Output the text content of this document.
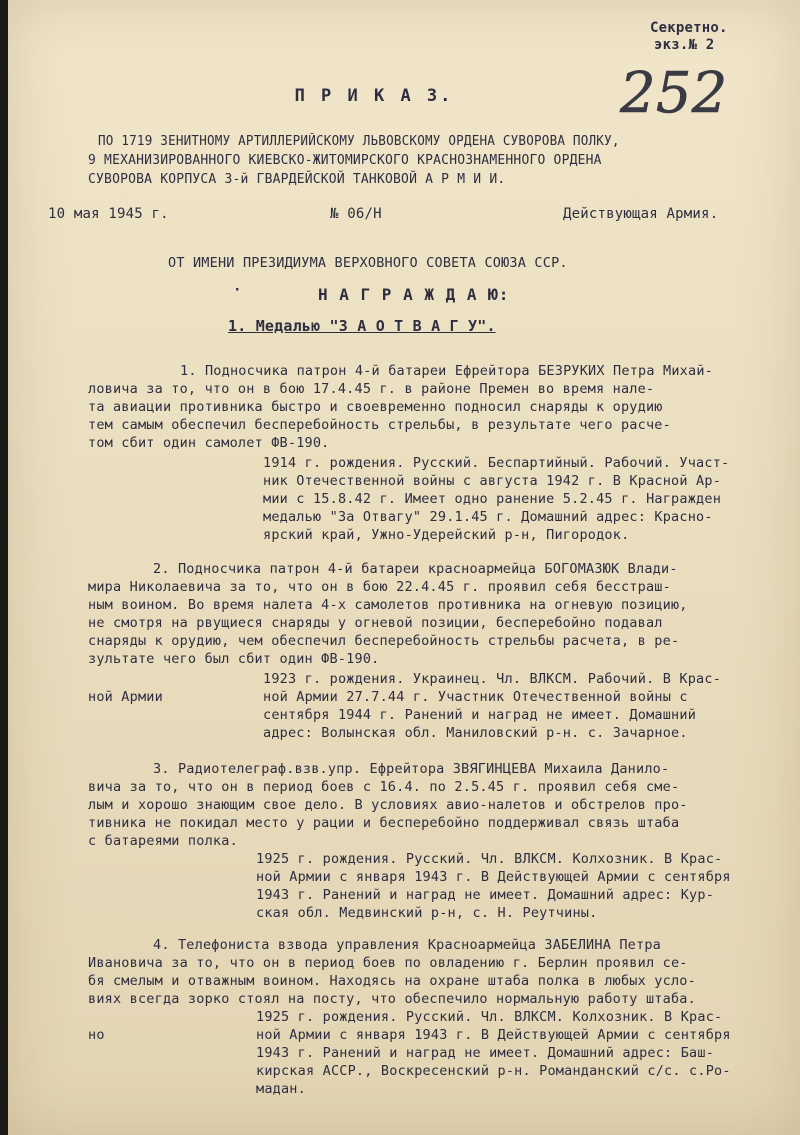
Секретно.
экз.№ 2
252
П Р И К А З.
ПО 1719 ЗЕНИТНОМУ АРТИЛЛЕРИЙСКОМУ ЛЬВОВСКОМУ ОРДЕНА СУВОРОВА ПОЛКУ,
9 МЕХАНИЗИРОВАННОГО КИЕВСКО-ЖИТОМИРСКОГО КРАСНОЗНАМЕННОГО ОРДЕНА
СУВОРОВА КОРПУСА 3-й ГВАРДЕЙСКОЙ ТАНКОВОЙ А Р М И И.
10 мая 1945 г.	№ 06/Н	Действующая Армия.
ОТ ИМЕНИ ПРЕЗИДИУМА ВЕРХОВНОГО СОВЕТА СОЮЗА ССР.
·	Н А Г Р А Ж Д А Ю:
1. Медалью "З А О Т В А Г У".
1. Подносчика патрон 4-й батареи Ефрейтора БЕЗРУКИХ Петра Михай-
ловича за то, что он в бою 17.4.45 г. в районе Премен во время нале-
та авиации противника быстро и своевременно подносил снаряды к орудию
тем самым обеспечил бесперебойность стрельбы, в результате чего расче-
том сбит один самолет ФВ-190.
1914 г. рождения. Русский. Беспартийный. Рабочий. Участ-
ник Отечественной войны с августа 1942 г. В Красной Ар-
мии с 15.8.42 г. Имеет одно ранение 5.2.45 г. Награжден
медалью "За Отвагу" 29.1.45 г. Домашний адрес: Красно-
ярский край, Ужно-Удерейский р-н, Пигородок.
2. Подносчика патрон 4-й батареи красноармейца БОГОМАЗЮК Влади-
мира Николаевича за то, что он в бою 22.4.45 г. проявил себя бесстраш-
ным воином. Во время налета 4-х самолетов противника на огневую позицию,
не смотря на рвущиеся снаряды у огневой позиции, бесперебойно подавал
снаряды к орудию, чем обеспечил бесперебойность стрельбы расчета, в ре-
зультате чего был сбит один ФВ-190.
1923 г. рождения. Украинец. Чл. ВЛКСМ. Рабочий. В Крас-
ной Армии	ной Армии 27.7.44 г. Участник Отечественной войны с
сентября 1944 г. Ранений и наград не имеет. Домашний
адрес: Волынская обл. Маниловский р-н. с. Зачарное.
3. Радиотелеграф.взв.упр. Ефрейтора ЗВЯГИНЦЕВА Михаила Данило-
вича за то, что он в период боев с 16.4. по 2.5.45 г. проявил себя сме-
лым и хорошо знающим свое дело. В условиях авио-налетов и обстрелов про-
тивника не покидал место у рации и бесперебойно поддерживал связь штаба
с батареями полка.
1925 г. рождения. Русский. Чл. ВЛКСМ. Колхозник. В Крас-
ной Армии с января 1943 г. В Действующей Армии с сентября
1943 г. Ранений и наград не имеет. Домашний адрес: Кур-
ская обл. Медвинский р-н, с. Н. Реутчины.
4. Телефониста взвода управления Красноармейца ЗАБЕЛИНА Петра
Ивановича за то, что он в период боев по овладению г. Берлин проявил се-
бя смелым и отважным воином. Находясь на охране штаба полка в любых усло-
виях всегда зорко стоял на посту, что обеспечило нормальную работу штаба.
1925 г. рождения. Русский. Чл. ВЛКСМ. Колхозник. В Крас-
но	ной Армии с января 1943 г. В Действующей Армии с сентября
1943 г. Ранений и наград не имеет. Домашний адрес: Баш-
кирская АССР., Воскресенский р-н. Романданский с/с. с.Ро-
мадан.
